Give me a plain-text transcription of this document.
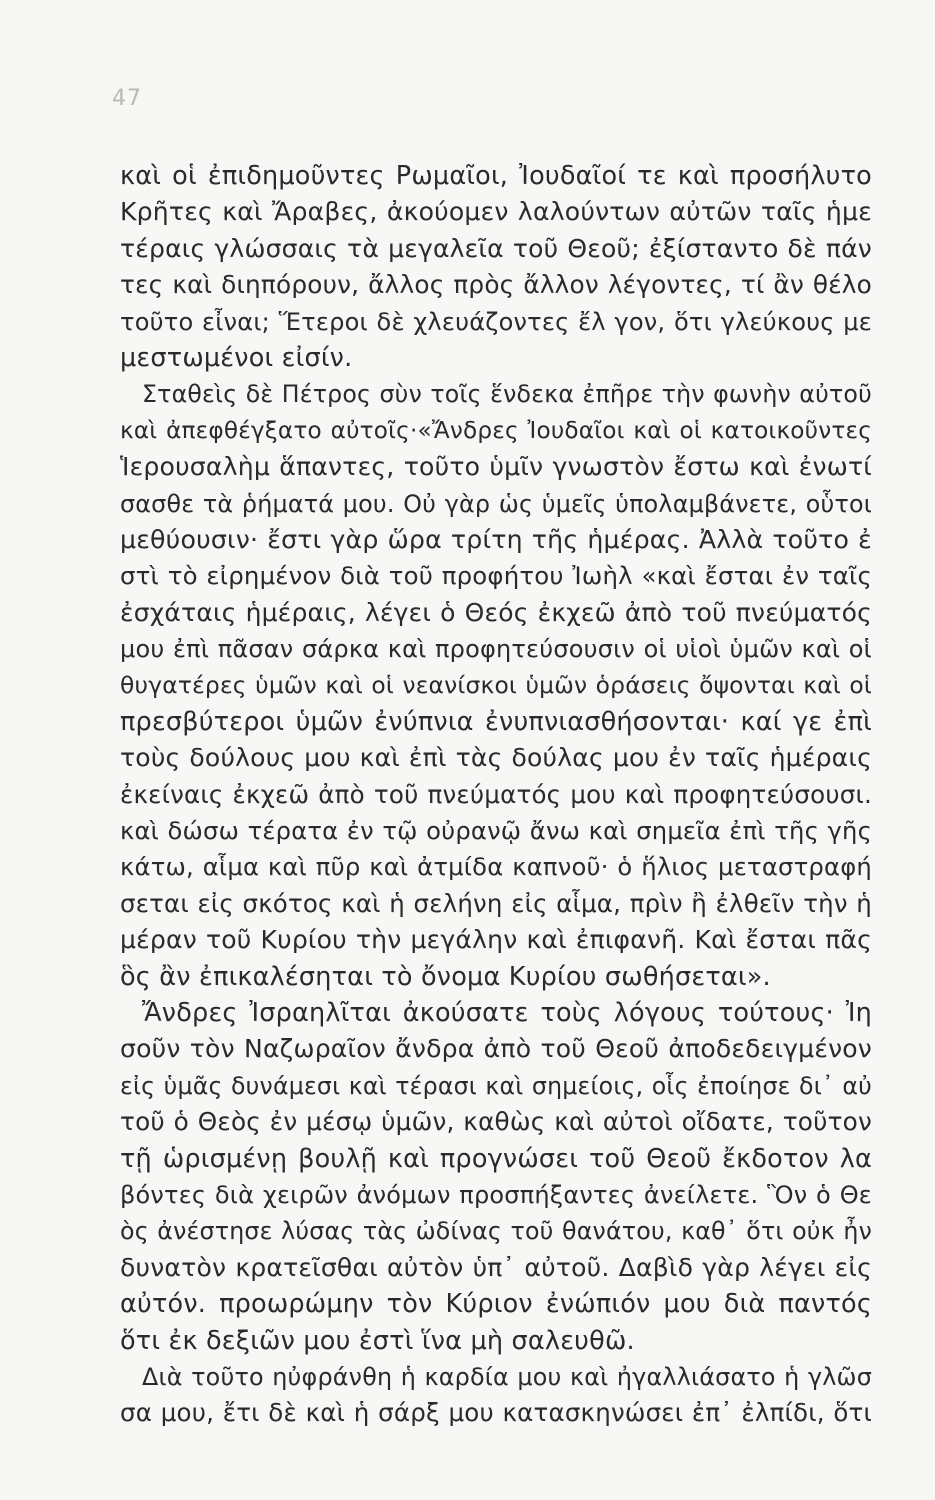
47
καὶ οἱ ἐπιδημοῦντες Ρωμαῖοι, Ἰουδαῖοί τε καὶ προσήλυτο
Κρῆτες καὶ Ἄραβες, ἀκούομεν λαλούντων αὐτῶν ταῖς ἡμε
τέραις γλώσσαις τὰ μεγαλεῖα τοῦ Θεοῦ; ἐξίσταντο δὲ πάν
τες καὶ διηπόρουν, ἄλλος πρὸς ἄλλον λέγοντες, τί ἂν θέλο
τοῦτο εἶναι; Ἕτεροι δὲ χλευάζοντες ἔλ γον, ὅτι γλεύκους με
μεστωμένοι εἰσίν.
Σταθεὶς δὲ Πέτρος σὺν τοῖς ἕνδεκα ἐπῆρε τὴν φωνὴν αὐτοῦ
καὶ ἀπεφθέγξατο αὐτοῖς·«Ἄνδρες Ἰουδαῖοι καὶ οἱ κατοικοῦντες
Ἱερουσαλὴμ ἅπαντες, τοῦτο ὑμῖν γνωστὸν ἔστω καὶ ἐνωτί
σασθε τὰ ῥήματά μου. Οὐ γὰρ ὡς ὑμεῖς ὑπολαμβάνετε, οὗτοι
μεθύουσιν· ἔστι γὰρ ὥρα τρίτη τῆς ἡμέρας. Ἀλλὰ τοῦτο ἐ
στὶ τὸ εἰρημένον διὰ τοῦ προφήτου Ἰωὴλ «καὶ ἔσται ἐν ταῖς
ἐσχάταις ἡμέραις, λέγει ὁ Θεός ἐκχεῶ ἀπὸ τοῦ πνεύματός
μου ἐπὶ πᾶσαν σάρκα καὶ προφητεύσουσιν οἱ υἱοὶ ὑμῶν καὶ οἱ
θυγατέρες ὑμῶν καὶ οἱ νεανίσκοι ὑμῶν ὁράσεις ὄψονται καὶ οἱ
πρεσβύτεροι ὑμῶν ἐνύπνια ἐνυπνιασθήσονται· καί γε ἐπὶ
τοὺς δούλους μου καὶ ἐπὶ τὰς δούλας μου ἐν ταῖς ἡμέραις
ἐκείναις ἐκχεῶ ἀπὸ τοῦ πνεύματός μου καὶ προφητεύσουσι.
καὶ δώσω τέρατα ἐν τῷ οὐρανῷ ἄνω καὶ σημεῖα ἐπὶ τῆς γῆς
κάτω, αἷμα καὶ πῦρ καὶ ἀτμίδα καπνοῦ· ὁ ἥλιος μεταστραφή
σεται εἰς σκότος καὶ ἡ σελήνη εἰς αἷμα, πρὶν ἢ ἐλθεῖν τὴν ἡ
μέραν τοῦ Κυρίου τὴν μεγάλην καὶ ἐπιφανῆ. Καὶ ἔσται πᾶς
ὃς ἂν ἐπικαλέσηται τὸ ὄνομα Κυρίου σωθήσεται».
Ἄνδρες Ἰσραηλῖται ἀκούσατε τοὺς λόγους τούτους· Ἰη
σοῦν τὸν Ναζωραῖον ἄνδρα ἀπὸ τοῦ Θεοῦ ἀποδεδειγμένον
εἰς ὑμᾶς δυνάμεσι καὶ τέρασι καὶ σημείοις, οἷς ἐποίησε δι᾽ αὐ
τοῦ ὁ Θεὸς ἐν μέσῳ ὑμῶν, καθὼς καὶ αὐτοὶ οἴδατε, τοῦτον
τῇ ὡρισμένῃ βουλῇ καὶ προγνώσει τοῦ Θεοῦ ἔκδοτον λα
βόντες διὰ χειρῶν ἀνόμων προσπήξαντες ἀνείλετε. Ὃν ὁ Θε
ὸς ἀνέστησε λύσας τὰς ὠδίνας τοῦ θανάτου, καθ᾽ ὅτι οὐκ ἦν
δυνατὸν κρατεῖσθαι αὐτὸν ὑπ᾽ αὐτοῦ. Δαβὶδ γὰρ λέγει εἰς
αὐτόν. προωρώμην τὸν Κύριον ἐνώπιόν μου διὰ παντός
ὅτι ἐκ δεξιῶν μου ἐστὶ ἵνα μὴ σαλευθῶ.
Διὰ τοῦτο ηὐφράνθη ἡ καρδία μου καὶ ἠγαλλιάσατο ἡ γλῶσ
σα μου, ἔτι δὲ καὶ ἡ σάρξ μου κατασκηνώσει ἐπ᾽ ἐλπίδι, ὅτι
